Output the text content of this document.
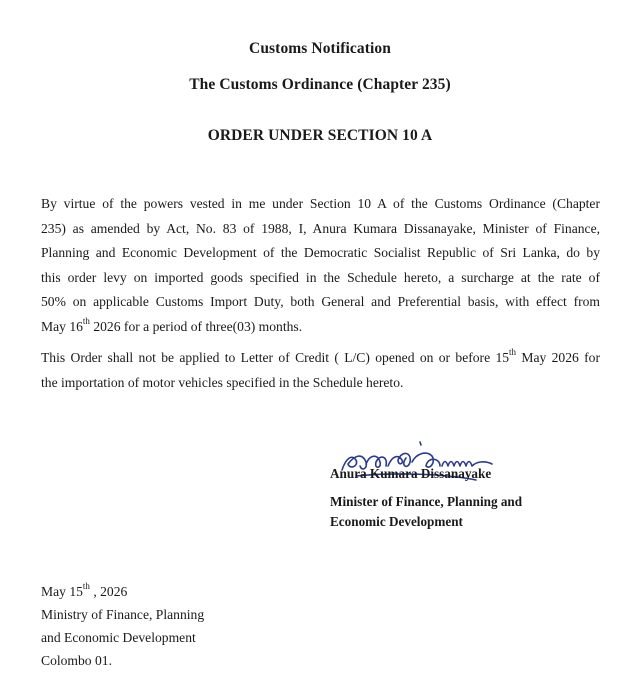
Customs Notification
The Customs Ordinance (Chapter 235)
ORDER UNDER SECTION 10 A
By virtue of the powers vested in me under Section 10 A of the Customs Ordinance (Chapter
235) as amended by Act, No. 83 of 1988, I, Anura Kumara Dissanayake, Minister of Finance,
Planning and Economic Development of the Democratic Socialist Republic of Sri Lanka, do by
this order levy on imported goods specified in the Schedule hereto, a surcharge at the rate of
50% on applicable Customs Import Duty, both General and Preferential basis, with effect from
May 16th 2026 for a period of three(03) months.
This Order shall not be applied to Letter of Credit ( L/C) opened on or before 15th May 2026 for
the importation of motor vehicles specified in the Schedule hereto.
Anura Kumara Dissanayake
Minister of Finance, Planning and
Economic Development
May 15th , 2026
Ministry of Finance, Planning
and Economic Development
Colombo 01.
